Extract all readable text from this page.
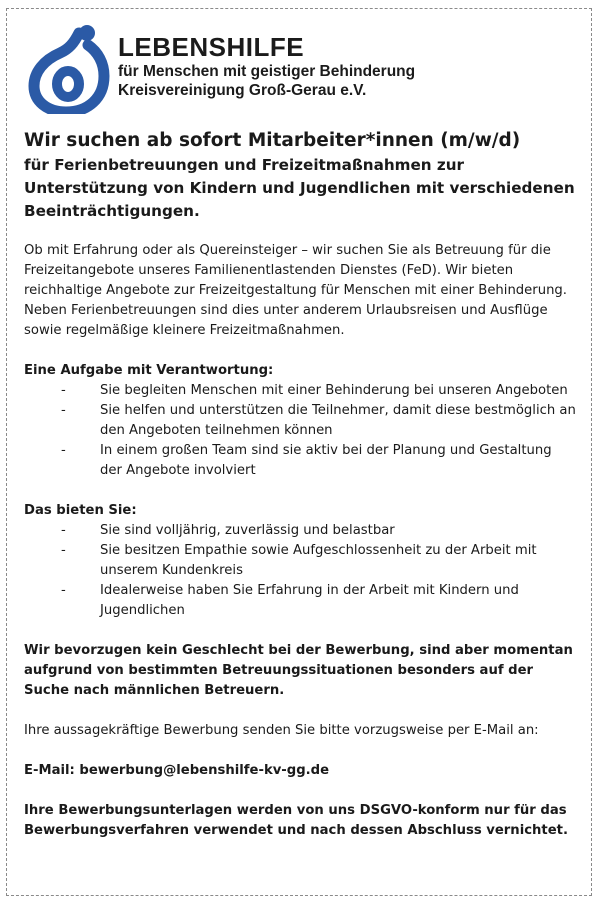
LEBENSHILFE
für Menschen mit geistiger Behinderung
Kreisvereinigung Groß-Gerau e.V.
Wir suchen ab sofort Mitarbeiter*innen (m/w/d)

für Ferienbetreuungen und Freizeitmaßnahmen zur Unterstützung von Kindern und Jugendlichen mit verschiedenen Beeinträchtigungen.

Ob mit Erfahrung oder als Quereinsteiger – wir suchen Sie als Betreuung für die Freizeitangebote unseres Familienentlastenden Dienstes (FeD). Wir bieten reichhaltige Angebote zur Freizeitgestaltung für Menschen mit einer Behinderung. Neben Ferienbetreuungen sind dies unter anderem Urlaubsreisen und Ausflüge sowie regelmäßige kleinere Freizeitmaßnahmen.

Eine Aufgabe mit Verantwortung:

-	Sie begleiten Menschen mit einer Behinderung bei unseren Angeboten
-	Sie helfen und unterstützen die Teilnehmer, damit diese bestmöglich an den Angeboten teilnehmen können
-	In einem großen Team sind sie aktiv bei der Planung und Gestaltung der Angebote involviert

Das bieten Sie:

-	Sie sind volljährig, zuverlässig und belastbar
-	Sie besitzen Empathie sowie Aufgeschlossenheit zu der Arbeit mit unserem Kundenkreis
-	Idealerweise haben Sie Erfahrung in der Arbeit mit Kindern und Jugendlichen

Wir bevorzugen kein Geschlecht bei der Bewerbung, sind aber momentan aufgrund von bestimmten Betreuungssituationen besonders auf der Suche nach männlichen Betreuern.

Ihre aussagekräftige Bewerbung senden Sie bitte vorzugsweise per E-Mail an:

E-Mail: bewerbung@lebenshilfe-kv-gg.de

Ihre Bewerbungsunterlagen werden von uns DSGVO-konform nur für das Bewerbungsverfahren verwendet und nach dessen Abschluss vernichtet.
